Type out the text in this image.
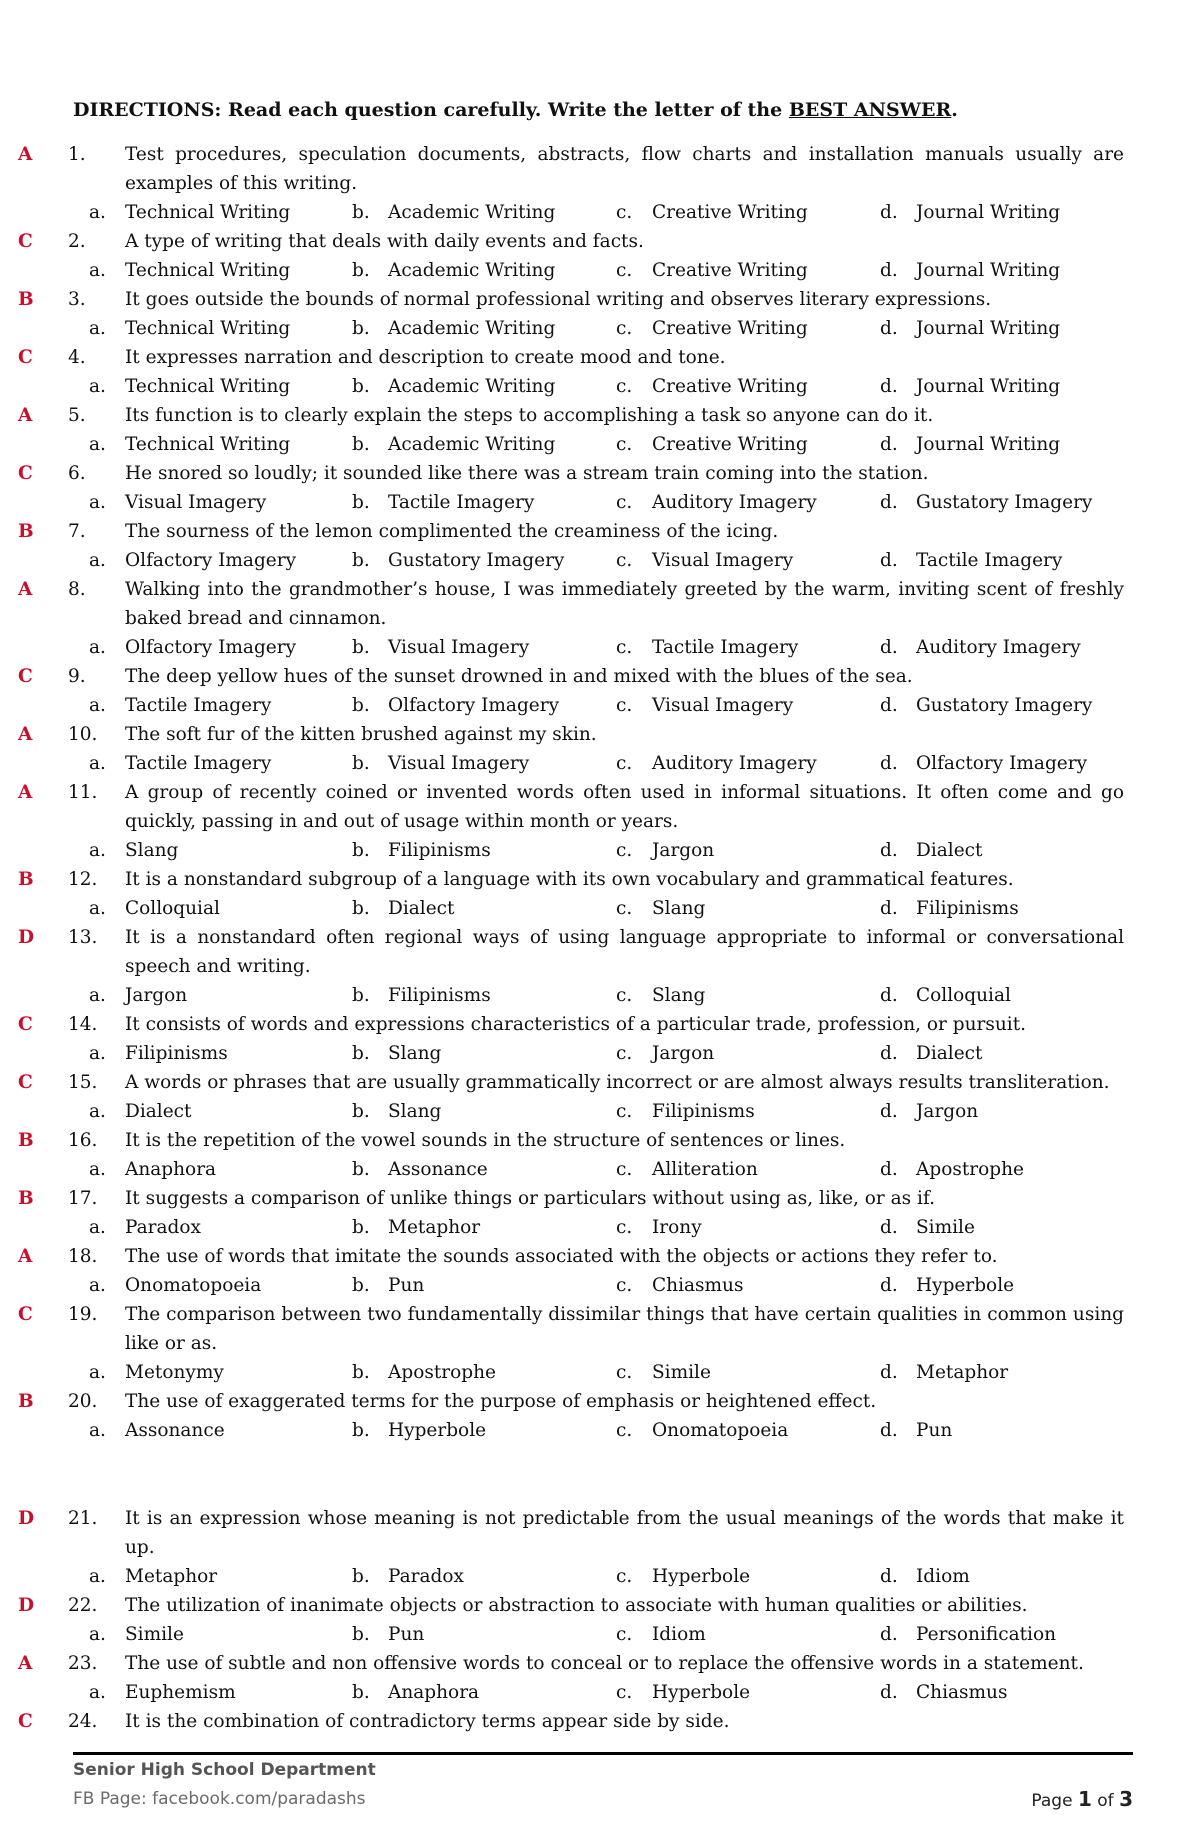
DIRECTIONS: Read each question carefully. Write the letter of the BEST ANSWER.
A	1. Test procedures, speculation documents, abstracts, flow charts and installation manuals usually are examples of this writing.
a. Technical Writing	b. Academic Writing	c. Creative Writing	d. Journal Writing
C	2. A type of writing that deals with daily events and facts.
a. Technical Writing	b. Academic Writing	c. Creative Writing	d. Journal Writing
B	3. It goes outside the bounds of normal professional writing and observes literary expressions.
a. Technical Writing	b. Academic Writing	c. Creative Writing	d. Journal Writing
C	4. It expresses narration and description to create mood and tone.
a. Technical Writing	b. Academic Writing	c. Creative Writing	d. Journal Writing
A	5. Its function is to clearly explain the steps to accomplishing a task so anyone can do it.
a. Technical Writing	b. Academic Writing	c. Creative Writing	d. Journal Writing
C	6. He snored so loudly; it sounded like there was a stream train coming into the station.
a. Visual Imagery	b. Tactile Imagery	c. Auditory Imagery	d. Gustatory Imagery
B	7. The sourness of the lemon complimented the creaminess of the icing.
a. Olfactory Imagery	b. Gustatory Imagery	c. Visual Imagery	d. Tactile Imagery
A	8. Walking into the grandmother’s house, I was immediately greeted by the warm, inviting scent of freshly baked bread and cinnamon.
a. Olfactory Imagery	b. Visual Imagery	c. Tactile Imagery	d. Auditory Imagery
C	9. The deep yellow hues of the sunset drowned in and mixed with the blues of the sea.
a. Tactile Imagery	b. Olfactory Imagery	c. Visual Imagery	d. Gustatory Imagery
A	10. The soft fur of the kitten brushed against my skin.
a. Tactile Imagery	b. Visual Imagery	c. Auditory Imagery	d. Olfactory Imagery
A	11. A group of recently coined or invented words often used in informal situations. It often come and go quickly, passing in and out of usage within month or years.
a. Slang	b. Filipinisms	c. Jargon	d. Dialect
B	12. It is a nonstandard subgroup of a language with its own vocabulary and grammatical features.
a. Colloquial	b. Dialect	c. Slang	d. Filipinisms
D	13. It is a nonstandard often regional ways of using language appropriate to informal or conversational speech and writing.
a. Jargon	b. Filipinisms	c. Slang	d. Colloquial
C	14. It consists of words and expressions characteristics of a particular trade, profession, or pursuit.
a. Filipinisms	b. Slang	c. Jargon	d. Dialect
C	15. A words or phrases that are usually grammatically incorrect or are almost always results transliteration.
a. Dialect	b. Slang	c. Filipinisms	d. Jargon
B	16. It is the repetition of the vowel sounds in the structure of sentences or lines.
a. Anaphora	b. Assonance	c. Alliteration	d. Apostrophe
B	17. It suggests a comparison of unlike things or particulars without using as, like, or as if.
a. Paradox	b. Metaphor	c. Irony	d. Simile
A	18. The use of words that imitate the sounds associated with the objects or actions they refer to.
a. Onomatopoeia	b. Pun	c. Chiasmus	d. Hyperbole
C	19. The comparison between two fundamentally dissimilar things that have certain qualities in common using like or as.
a. Metonymy	b. Apostrophe	c. Simile	d. Metaphor
B	20. The use of exaggerated terms for the purpose of emphasis or heightened effect.
a. Assonance	b. Hyperbole	c. Onomatopoeia	d. Pun
D	21. It is an expression whose meaning is not predictable from the usual meanings of the words that make it up.
a. Metaphor	b. Paradox	c. Hyperbole	d. Idiom
D	22. The utilization of inanimate objects or abstraction to associate with human qualities or abilities.
a. Simile	b. Pun	c. Idiom	d. Personification
A	23. The use of subtle and non offensive words to conceal or to replace the offensive words in a statement.
a. Euphemism	b. Anaphora	c. Hyperbole	d. Chiasmus
C	24. It is the combination of contradictory terms appear side by side.
Senior High School Department
FB Page: facebook.com/paradashs	Page 1 of 3
